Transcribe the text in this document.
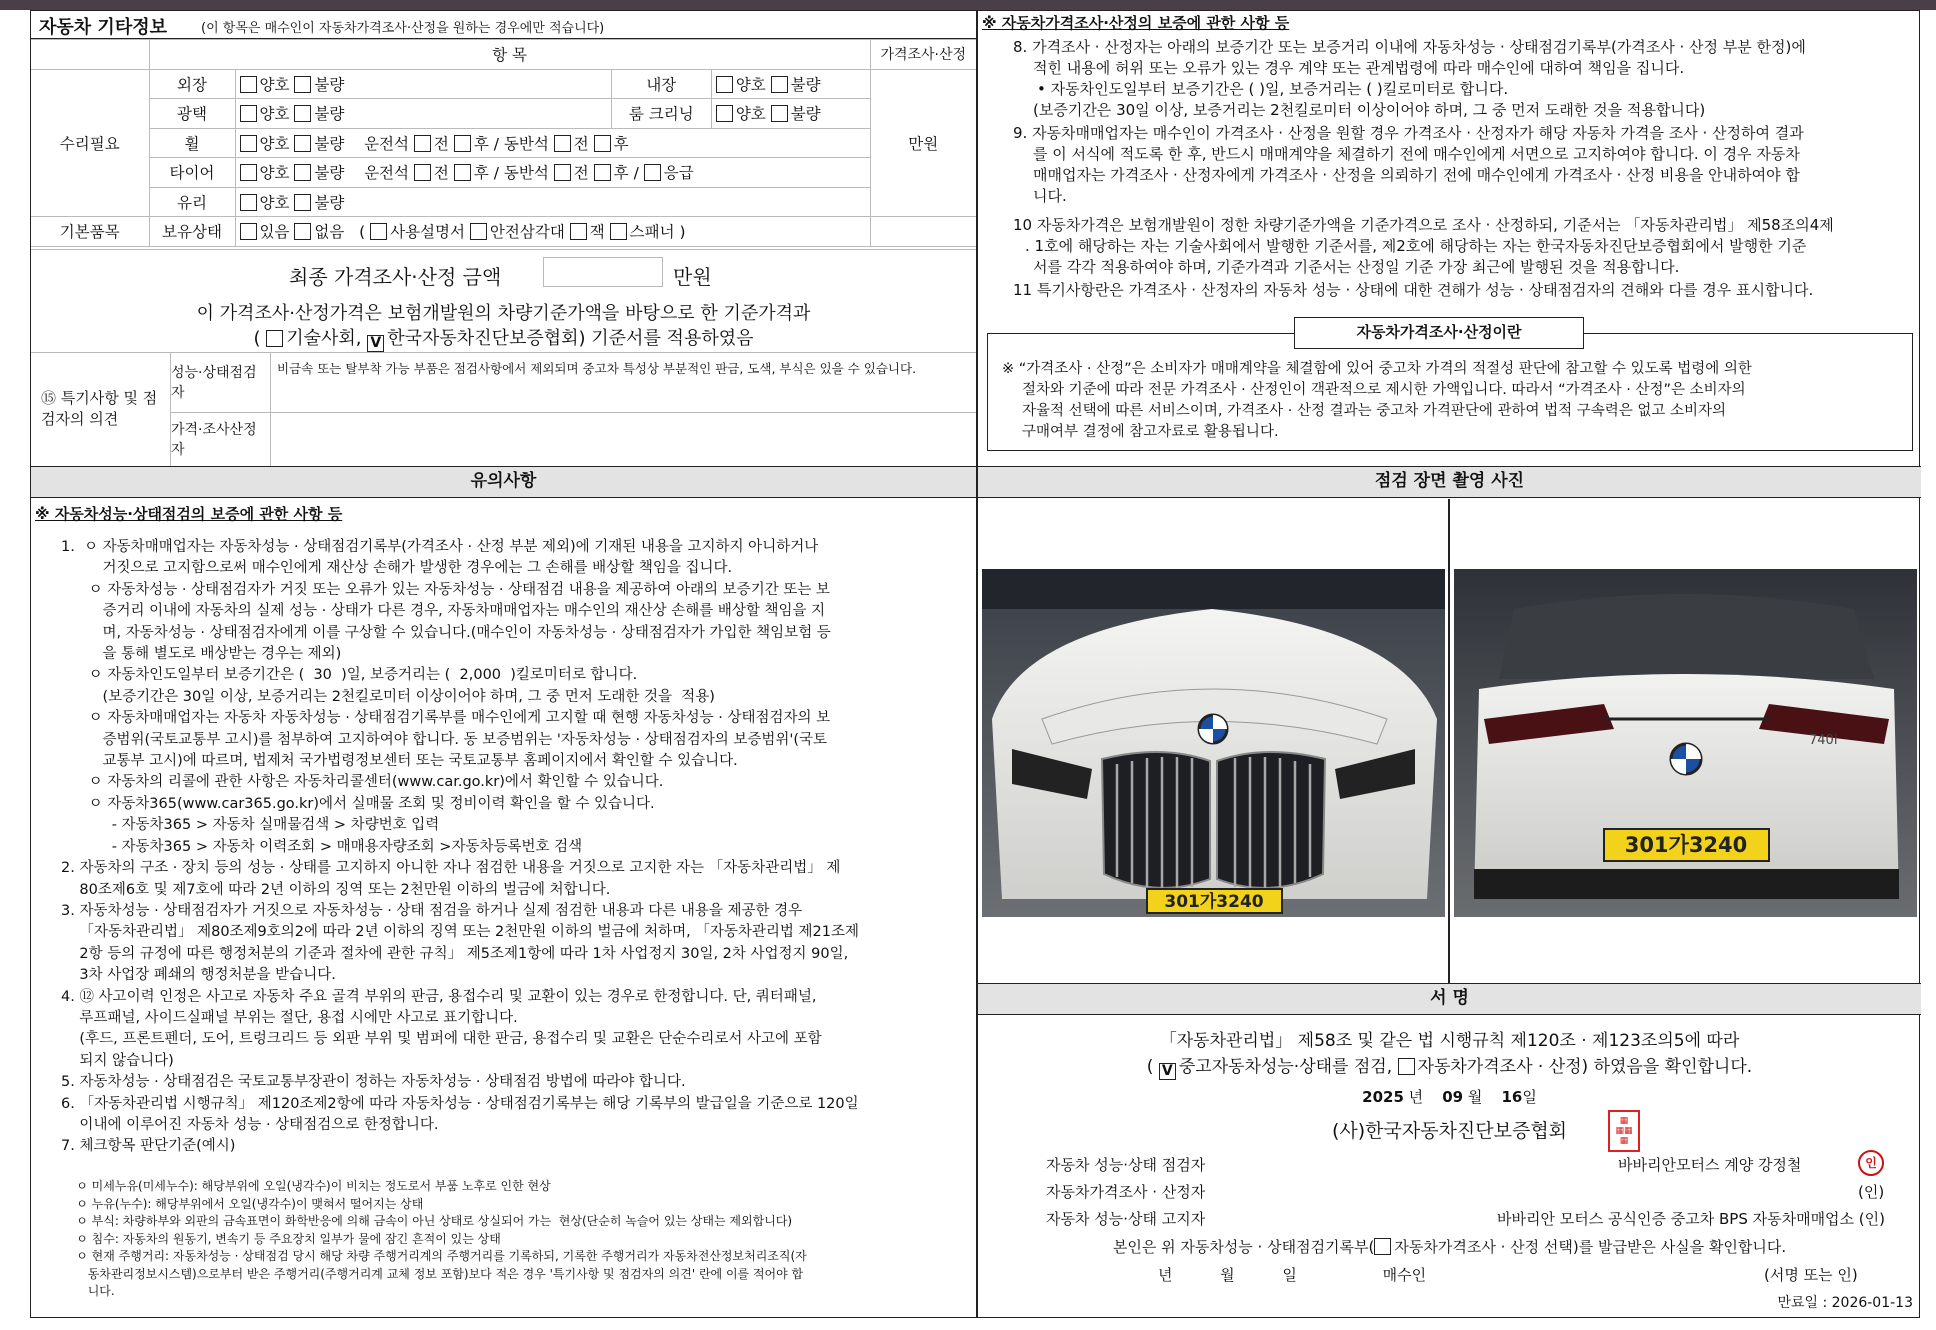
자동차 기타정보	(이 항목은 매수인이 자동차가격조사·산정을 원하는 경우에만 적습니다)
	항 목				가격조사·산정
수리필요	외장	양호 불량	내장	양호 불량	만원
	광택	양호 불량	룸 크리닝	양호 불량	
	휠	양호 불량 운전석 전 후 / 동반석 전 후			
	타이어	양호 불량 운전석 전 후 / 동반석 전 후 / 응급			
	유리	양호 불량			
기본품목	보유상태	있음 없음   ( 사용설명서 안전삼각대 잭 스패너 )			
최종 가격조사·산정 금액	만원
이 가격조사·산정가격은 보험개발원의 차량기준가액을 바탕으로 한 기준가격과
( 기술사회, V 한국자동차진단보증협회) 기준서를 적용하였음
⑮ 특기사항 및 점검자의 의견
성능·상태점검자
비금속 또는 탈부착 가능 부품은 점검사항에서 제외되며 중고차 특성상 부분적인 판금, 도색, 부식은 있을 수 있습니다.
가격·조사산정자
※ 자동차가격조사·산정의 보증에 관한 사항 등
8. 가격조사 · 산정자는 아래의 보증기간 또는 보증거리 이내에 자동차성능 · 상태점검기록부(가격조사 · 산정 부분 한정)에
적힌 내용에 허위 또는 오류가 있는 경우 계약 또는 관계법령에 따라 매수인에 대하여 책임을 집니다.
• 자동차인도일부터 보증기간은 ( )일, 보증거리는 ( )킬로미터로 합니다.
(보증기간은 30일 이상, 보증거리는 2천킬로미터 이상이어야 하며, 그 중 먼저 도래한 것을 적용합니다)
9. 자동차매매업자는 매수인이 가격조사 · 산정을 원할 경우 가격조사 · 산정자가 해당 자동차 가격을 조사 · 산정하여 결과
를 이 서식에 적도록 한 후, 반드시 매매계약을 체결하기 전에 매수인에게 서면으로 고지하여야 합니다. 이 경우 자동차
매매업자는 가격조사 · 산정자에게 가격조사 · 산정을 의뢰하기 전에 매수인에게 가격조사 · 산정 비용을 안내하여야 합
니다.
10 자동차가격은 보험개발원이 정한 차량기준가액을 기준가격으로 조사 · 산정하되, 기준서는 「자동차관리법」 제58조의4제
. 1호에 해당하는 자는 기술사회에서 발행한 기준서를, 제2호에 해당하는 자는 한국자동차진단보증협회에서 발행한 기준
서를 각각 적용하여야 하며, 기준가격과 기준서는 산정일 기준 가장 최근에 발행된 것을 적용합니다.
11 특기사항란은 가격조사 · 산정자의 자동차 성능 · 상태에 대한 견해가 성능 · 상태점검자의 견해와 다를 경우 표시합니다.
자동차가격조사·산정이란
※ “가격조사 · 산정”은 소비자가 매매계약을 체결함에 있어 중고차 가격의 적절성 판단에 참고할 수 있도록 법령에 의한
절차와 기준에 따라 전문 가격조사 · 산정인이 객관적으로 제시한 가액입니다. 따라서 “가격조사 · 산정”은 소비자의
자율적 선택에 따른 서비스이며, 가격조사 · 산정 결과는 중고차 가격판단에 관하여 법적 구속력은 없고 소비자의
구매여부 결정에 참고자료로 활용됩니다.
유의사항	점검 장면 촬영 사진
※ 자동차성능·상태점검의 보증에 관한 사항 등
1.  ㅇ 자동차매매업자는 자동차성능 · 상태점검기록부(가격조사 · 산정 부분 제외)에 기재된 내용을 고지하지 아니하거나
거짓으로 고지함으로써 매수인에게 재산상 손해가 발생한 경우에는 그 손해를 배상할 책임을 집니다.
ㅇ 자동차성능 · 상태점검자가 거짓 또는 오류가 있는 자동차성능 · 상태점검 내용을 제공하여 아래의 보증기간 또는 보
증거리 이내에 자동차의 실제 성능 · 상태가 다른 경우, 자동차매매업자는 매수인의 재산상 손해를 배상할 책임을 지
며, 자동차성능 · 상태점검자에게 이를 구상할 수 있습니다.(매수인이 자동차성능 · 상태점검자가 가입한 책임보험 등
을 통해 별도로 배상받는 경우는 제외)
ㅇ 자동차인도일부터 보증기간은 (  30  )일, 보증거리는 (  2,000  )킬로미터로 합니다.
(보증기간은 30일 이상, 보증거리는 2천킬로미터 이상이어야 하며, 그 중 먼저 도래한 것을  적용)
ㅇ 자동차매매업자는 자동차 자동차성능 · 상태점검기록부를 매수인에게 고지할 때 현행 자동차성능 · 상태점검자의 보
증범위(국토교통부 고시)를 첨부하여 고지하여야 합니다. 동 보증범위는 '자동차성능 · 상태점검자의 보증범위'(국토
교통부 고시)에 따르며, 법제처 국가법령정보센터 또는 국토교통부 홈페이지에서 확인할 수 있습니다.
ㅇ 자동차의 리콜에 관한 사항은 자동차리콜센터(www.car.go.kr)에서 확인할 수 있습니다.
ㅇ 자동차365(www.car365.go.kr)에서 실매물 조회 및 정비이력 확인을 할 수 있습니다.
- 자동차365 > 자동차 실매물검색 > 차량번호 입력
- 자동차365 > 자동차 이력조회 > 매매용자량조회 >자동차등록번호 검색
2. 자동차의 구조 · 장치 등의 성능 · 상태를 고지하지 아니한 자나 점검한 내용을 거짓으로 고지한 자는 「자동차관리법」 제
80조제6호 및 제7호에 따라 2년 이하의 징역 또는 2천만원 이하의 벌금에 처합니다.
3. 자동차성능 · 상태점검자가 거짓으로 자동차성능 · 상태 점검을 하거나 실제 점검한 내용과 다른 내용을 제공한 경우
「자동차관리법」 제80조제9호의2에 따라 2년 이하의 징역 또는 2천만원 이하의 벌금에 처하며, 「자동차관리법 제21조제
2항 등의 규정에 따른 행정처분의 기준과 절차에 관한 규칙」 제5조제1항에 따라 1차 사업정지 30일, 2차 사업정지 90일,
3차 사업장 폐쇄의 행정처분을 받습니다.
4. ⑫ 사고이력 인정은 사고로 자동차 주요 골격 부위의 판금, 용접수리 및 교환이 있는 경우로 한정합니다. 단, 쿼터패널,
루프패널, 사이드실패널 부위는 절단, 용접 시에만 사고로 표기합니다.
(후드, 프론트펜더, 도어, 트렁크리드 등 외판 부위 및 범퍼에 대한 판금, 용접수리 및 교환은 단순수리로서 사고에 포함
되지 않습니다)
5. 자동차성능 · 상태점검은 국토교통부장관이 정하는 자동차성능 · 상태점검 방법에 따라야 합니다.
6. 「자동차관리법 시행규칙」 제120조제2항에 따라 자동차성능 · 상태점검기록부는 해당 기록부의 발급일을 기준으로 120일
이내에 이루어진 자동차 성능 · 상태점검으로 한정합니다.
7. 체크항목 판단기준(예시)
ㅇ 미세누유(미세누수): 해당부위에 오일(냉각수)이 비치는 정도로서 부품 노후로 인한 현상
ㅇ 누유(누수): 해당부위에서 오일(냉각수)이 맺혀서 떨어지는 상태
ㅇ 부식: 차량하부와 외판의 금속표면이 화학반응에 의해 금속이 아닌 상태로 상실되어 가는  현상(단순히 녹슬어 있는 상태는 제외합니다)
ㅇ 침수: 자동차의 원동기, 변속기 등 주요장치 일부가 물에 잠긴 흔적이 있는 상태
ㅇ 현재 주행거리: 자동차성능 · 상태점검 당시 해당 차량 주행거리계의 주행거리를 기록하되, 기록한 주행거리가 자동차전산정보처리조직(자
동차관리정보시스템)으로부터 받은 주행거리(주행거리계 교체 정보 포함)보다 적은 경우 '특기사항 및 점검자의 의견' 란에 이를 적어야 합
니다.
301가3240
740i
301가3240
서 명
「자동차관리법」 제58조 및 같은 법 시행규칙 제120조 · 제123조의5에 따라
( V 중고자동차성능·상태를 점검, 자동차가격조사 · 산정) 하였음을 확인합니다.
2025 년 09 월 16일
(사)한국자동차진단보증협회	▦
▦▦
▦
자동차 성능·상태 점검자	바바리안모터스 계양 강정철	인
자동차가격조사 · 산정자	(인)
자동차 성능·상태 고지자	바바리안 모터스 공식인증 중고차 BPS 자동차매매업소 (인)
본인은 위 자동차성능 · 상태점검기록부( 자동차가격조사 · 산정 선택)를 발급받은 사실을 확인합니다.
년          월          일                  매수인	(서명 또는 인)
만료일 : 2026-01-13
